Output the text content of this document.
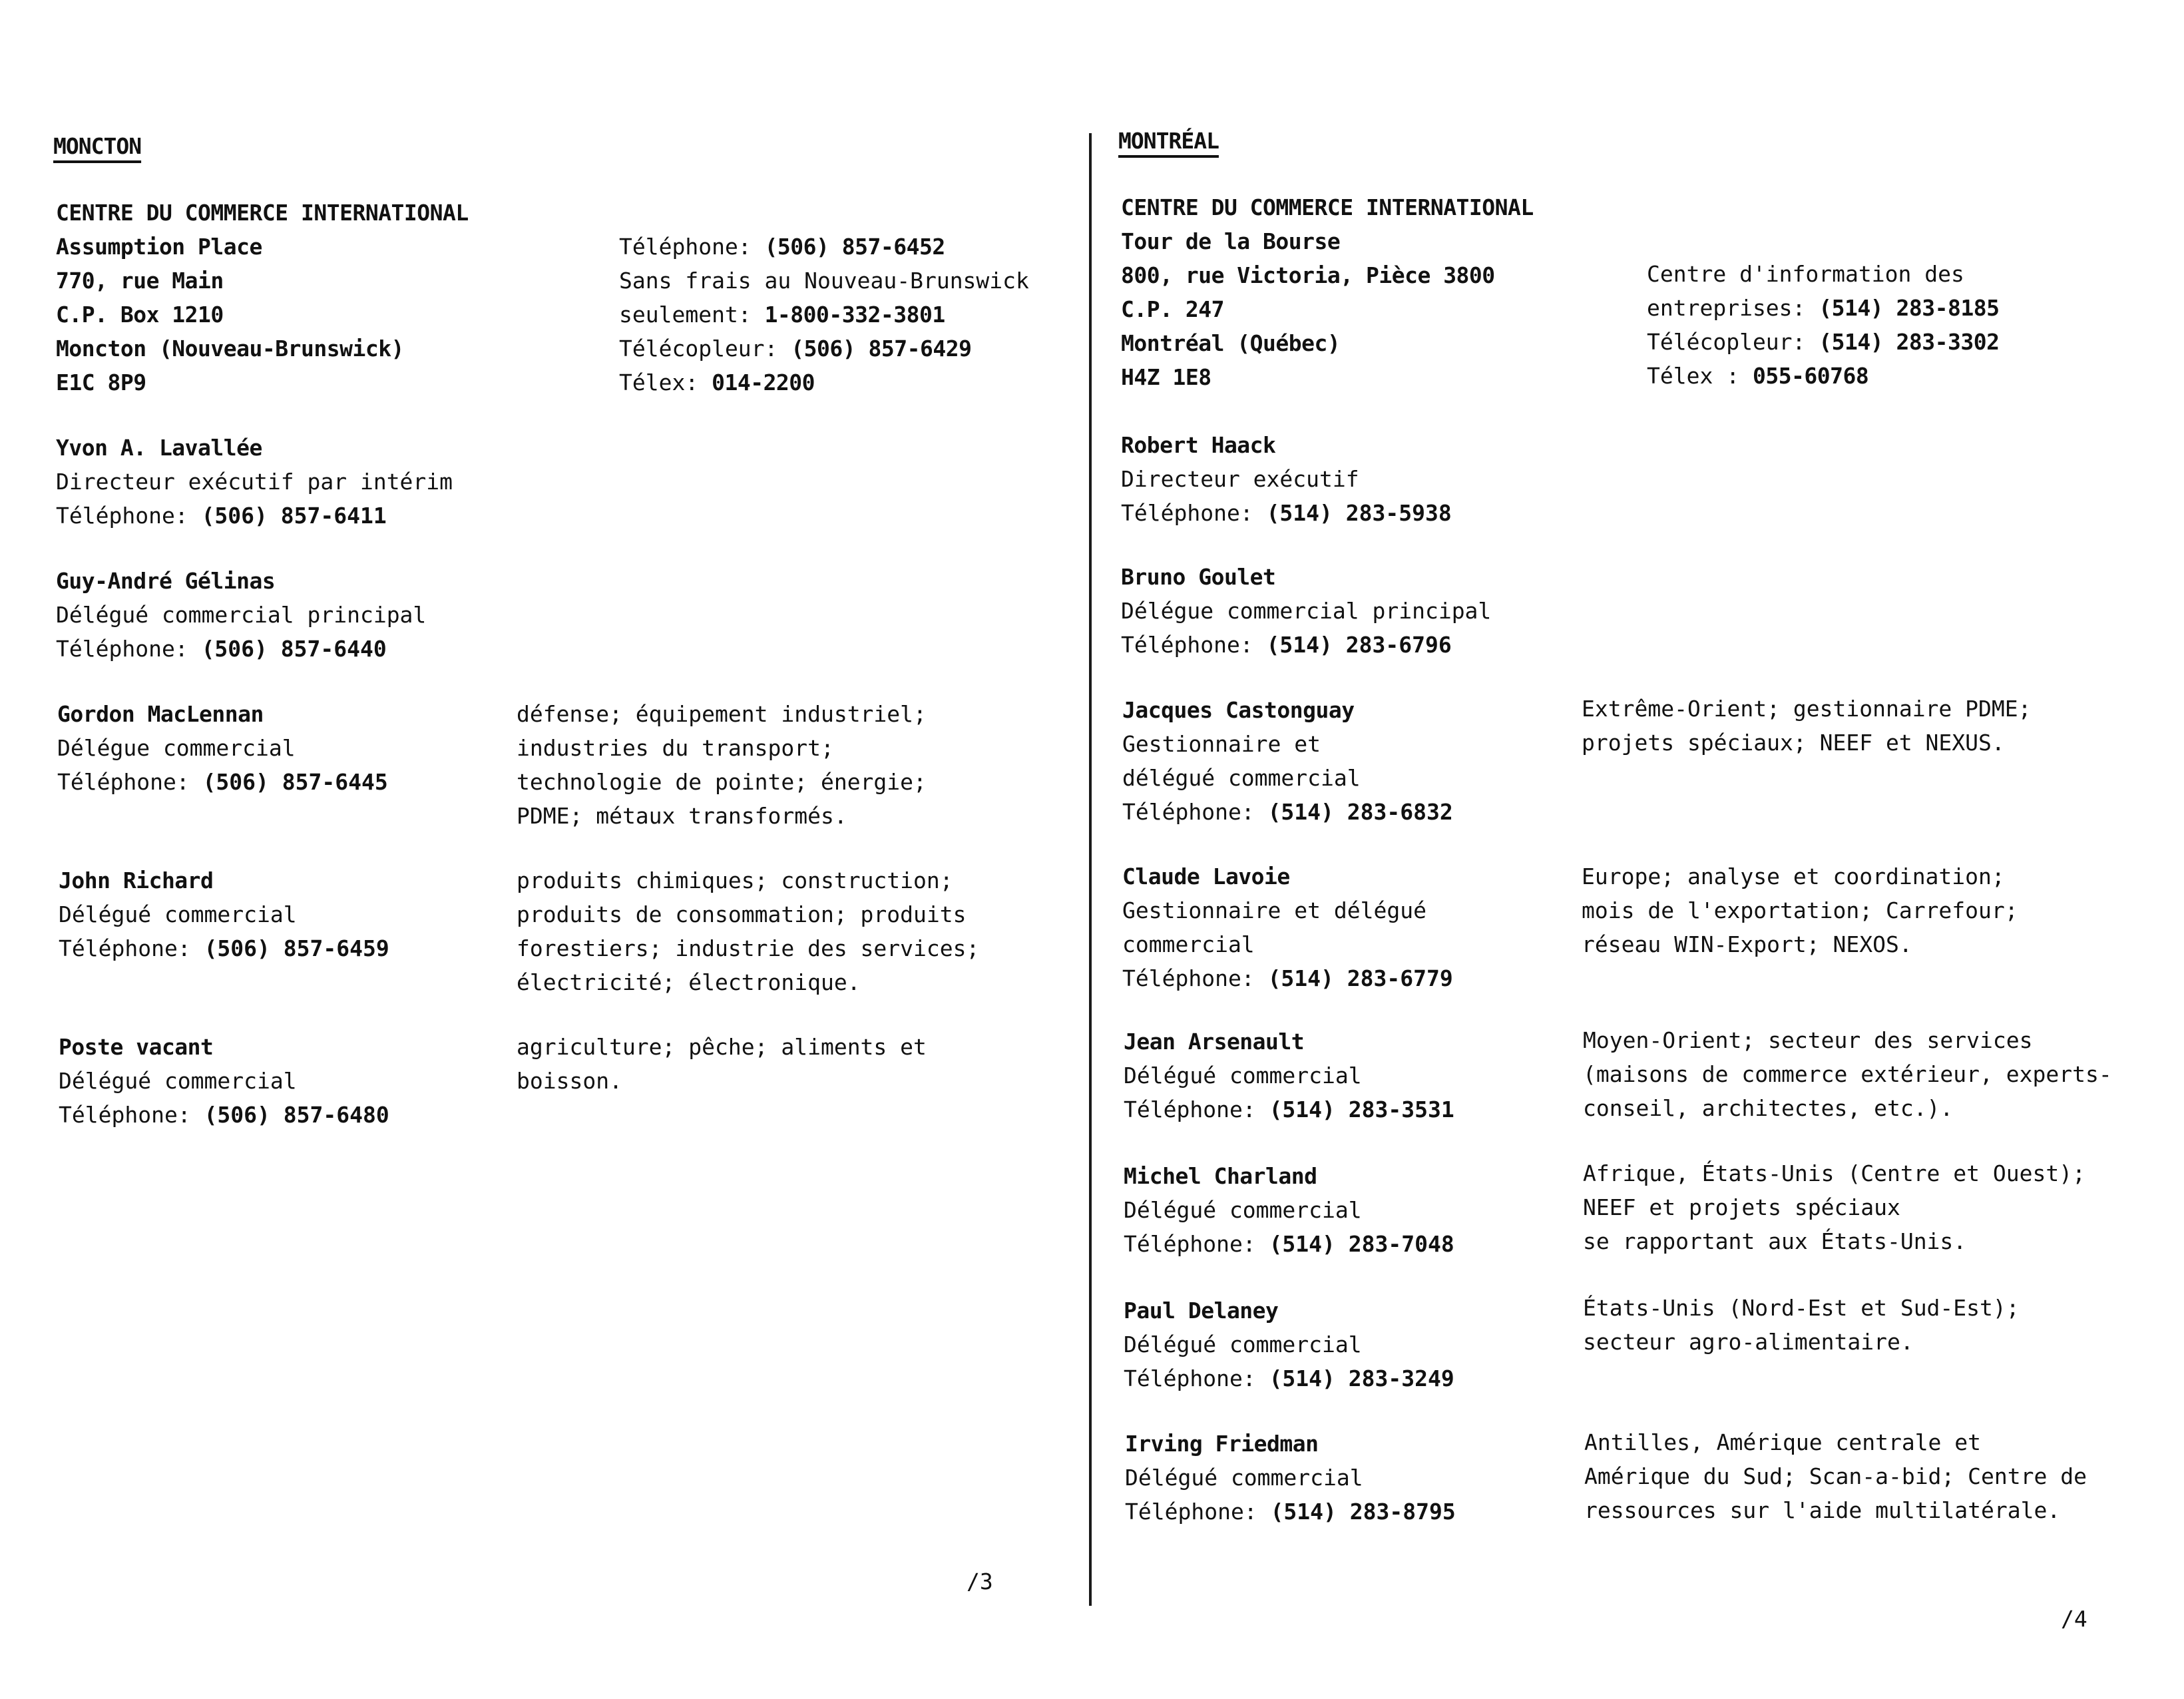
MONCTON
CENTRE DU COMMERCE INTERNATIONAL
Assumption Place
770, rue Main
C.P. Box 1210
Moncton (Nouveau-Brunswick)
E1C 8P9
Téléphone: (506) 857-6452
Sans frais au Nouveau-Brunswick
seulement: 1-800-332-3801
Télécopleur: (506) 857-6429
Télex: 014-2200
Yvon A. Lavallée
Directeur exécutif par intérim
Téléphone: (506) 857-6411
Guy-André Gélinas
Délégué commercial principal
Téléphone: (506) 857-6440
Gordon MacLennan
Délégue commercial
Téléphone: (506) 857-6445
défense; équipement industriel;
industries du transport;
technologie de pointe; énergie;
PDME; métaux transformés.
John Richard
Délégué commercial
Téléphone: (506) 857-6459
produits chimiques; construction;
produits de consommation; produits
forestiers; industrie des services;
électricité; électronique.
Poste vacant
Délégué commercial
Téléphone: (506) 857-6480
agriculture; pêche; aliments et
boisson.
/3
MONTRÉAL
CENTRE DU COMMERCE INTERNATIONAL
Tour de la Bourse
800, rue Victoria, Pièce 3800
C.P. 247
Montréal (Québec)
H4Z 1E8
Centre d'information des
entreprises: (514) 283-8185
Télécopleur: (514) 283-3302
Télex : 055-60768
Robert Haack
Directeur exécutif
Téléphone: (514) 283-5938
Bruno Goulet
Délégue commercial principal
Téléphone: (514) 283-6796
Jacques Castonguay
Gestionnaire et
délégué commercial
Téléphone: (514) 283-6832
Extrême-Orient; gestionnaire PDME;
projets spéciaux; NEEF et NEXUS.
Claude Lavoie
Gestionnaire et délégué
commercial
Téléphone: (514) 283-6779
Europe; analyse et coordination;
mois de l'exportation; Carrefour;
réseau WIN-Export; NEXOS.
Jean Arsenault
Délégué commercial
Téléphone: (514) 283-3531
Moyen-Orient; secteur des services
(maisons de commerce extérieur, experts-
conseil, architectes, etc.).
Michel Charland
Délégué commercial
Téléphone: (514) 283-7048
Afrique, États-Unis (Centre et Ouest);
NEEF et projets spéciaux
se rapportant aux États-Unis.
Paul Delaney
Délégué commercial
Téléphone: (514) 283-3249
États-Unis (Nord-Est et Sud-Est);
secteur agro-alimentaire.
Irving Friedman
Délégué commercial
Téléphone: (514) 283-8795
Antilles, Amérique centrale et
Amérique du Sud; Scan-a-bid; Centre de
ressources sur l'aide multilatérale.
/4
